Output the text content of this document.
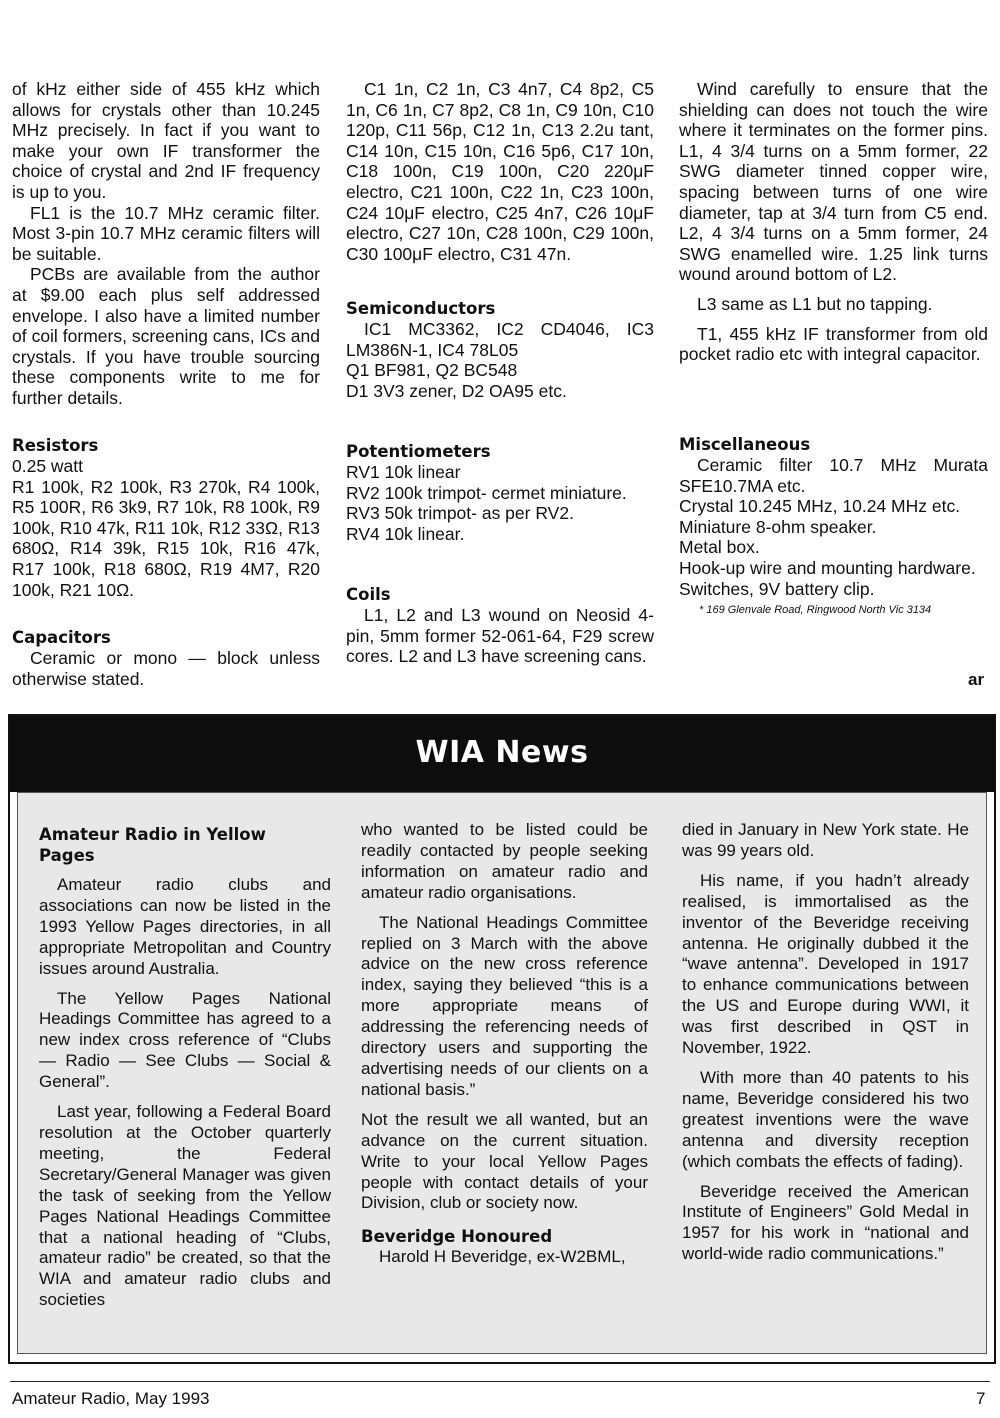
of kHz either side of 455 kHz which allows for crystals other than 10.245 MHz precisely. In fact if you want to make your own IF transformer the choice of crystal and 2nd IF frequency is up to you.

FL1 is the 10.7 MHz ceramic filter. Most 3-pin 10.7 MHz ceramic filters will be suitable.

PCBs are available from the author at $9.00 each plus self addressed envelope. I also have a limited number of coil formers, screening cans, ICs and crystals. If you have trouble sourcing these components write to me for further details.

Resistors

0.25 watt

R1 100k, R2 100k, R3 270k, R4 100k, R5 100R, R6 3k9, R7 10k, R8 100k, R9 100k, R10 47k, R11 10k, R12 33Ω, R13 680Ω, R14 39k, R15 10k, R16 47k, R17 100k, R18 680Ω, R19 4M7, R20 100k, R21 10Ω.

Capacitors

Ceramic or mono — block unless otherwise stated.

C1 1n, C2 1n, C3 4n7, C4 8p2, C5 1n, C6 1n, C7 8p2, C8 1n, C9 10n, C10 120p, C11 56p, C12 1n, C13 2.2u tant, C14 10n, C15 10n, C16 5p6, C17 10n, C18 100n, C19 100n, C20 220μF electro, C21 100n, C22 1n, C23 100n, C24 10μF electro, C25 4n7, C26 10μF electro, C27 10n, C28 100n, C29 100n, C30 100μF electro, C31 47n.

Semiconductors

IC1 MC3362, IC2 CD4046, IC3 LM386N-1, IC4 78L05

Q1 BF981, Q2 BC548

D1 3V3 zener, D2 OA95 etc.

Potentiometers

RV1 10k linear

RV2 100k trimpot- cermet miniature.

RV3 50k trimpot- as per RV2.

RV4 10k linear.

Coils

L1, L2 and L3 wound on Neosid 4-pin, 5mm former 52-061-64, F29 screw cores. L2 and L3 have screening cans.

Wind carefully to ensure that the shielding can does not touch the wire where it terminates on the former pins. L1, 4 3/4 turns on a 5mm former, 22 SWG diameter tinned copper wire, spacing between turns of one wire diameter, tap at 3/4 turn from C5 end. L2, 4 3/4 turns on a 5mm former, 24 SWG enamelled wire. 1.25 link turns wound around bottom of L2.

L3 same as L1 but no tapping.

T1, 455 kHz IF transformer from old pocket radio etc with integral capacitor.

Miscellaneous

Ceramic filter 10.7 MHz Murata SFE10.7MA etc.

Crystal 10.245 MHz, 10.24 MHz etc.

Miniature 8-ohm speaker.

Metal box.

Hook-up wire and mounting hardware.

Switches, 9V battery clip.

* 169 Glenvale Road, Ringwood North Vic 3134
ar
WIA News
Amateur Radio in Yellow Pages

Amateur radio clubs and associations can now be listed in the 1993 Yellow Pages directories, in all appropriate Metropolitan and Country issues around Australia.

The Yellow Pages National Headings Committee has agreed to a new index cross reference of “Clubs — Radio — See Clubs — Social & General”.

Last year, following a Federal Board resolution at the October quarterly meeting, the Federal Secretary/General Manager was given the task of seeking from the Yellow Pages National Headings Committee that a national heading of “Clubs, amateur radio” be created, so that the WIA and amateur radio clubs and societies

who wanted to be listed could be readily contacted by people seeking information on amateur radio and amateur radio organisations.

The National Headings Committee replied on 3 March with the above advice on the new cross reference index, saying they believed “this is a more appropriate means of addressing the referencing needs of directory users and supporting the advertising needs of our clients on a national basis.”

Not the result we all wanted, but an advance on the current situation. Write to your local Yellow Pages people with contact details of your Division, club or society now.

Beveridge Honoured

Harold H Beveridge, ex-W2BML,

died in January in New York state. He was 99 years old.

His name, if you hadn’t already realised, is immortalised as the inventor of the Beveridge receiving antenna. He originally dubbed it the “wave antenna”. Developed in 1917 to enhance communications between the US and Europe during WWI, it was first described in QST in November, 1922.

With more than 40 patents to his name, Beveridge considered his two greatest inventions were the wave antenna and diversity reception (which combats the effects of fading).

Beveridge received the American Institute of Engineers” Gold Medal in 1957 for his work in “national and world-wide radio communications.”

Amateur Radio, May 1993	7
